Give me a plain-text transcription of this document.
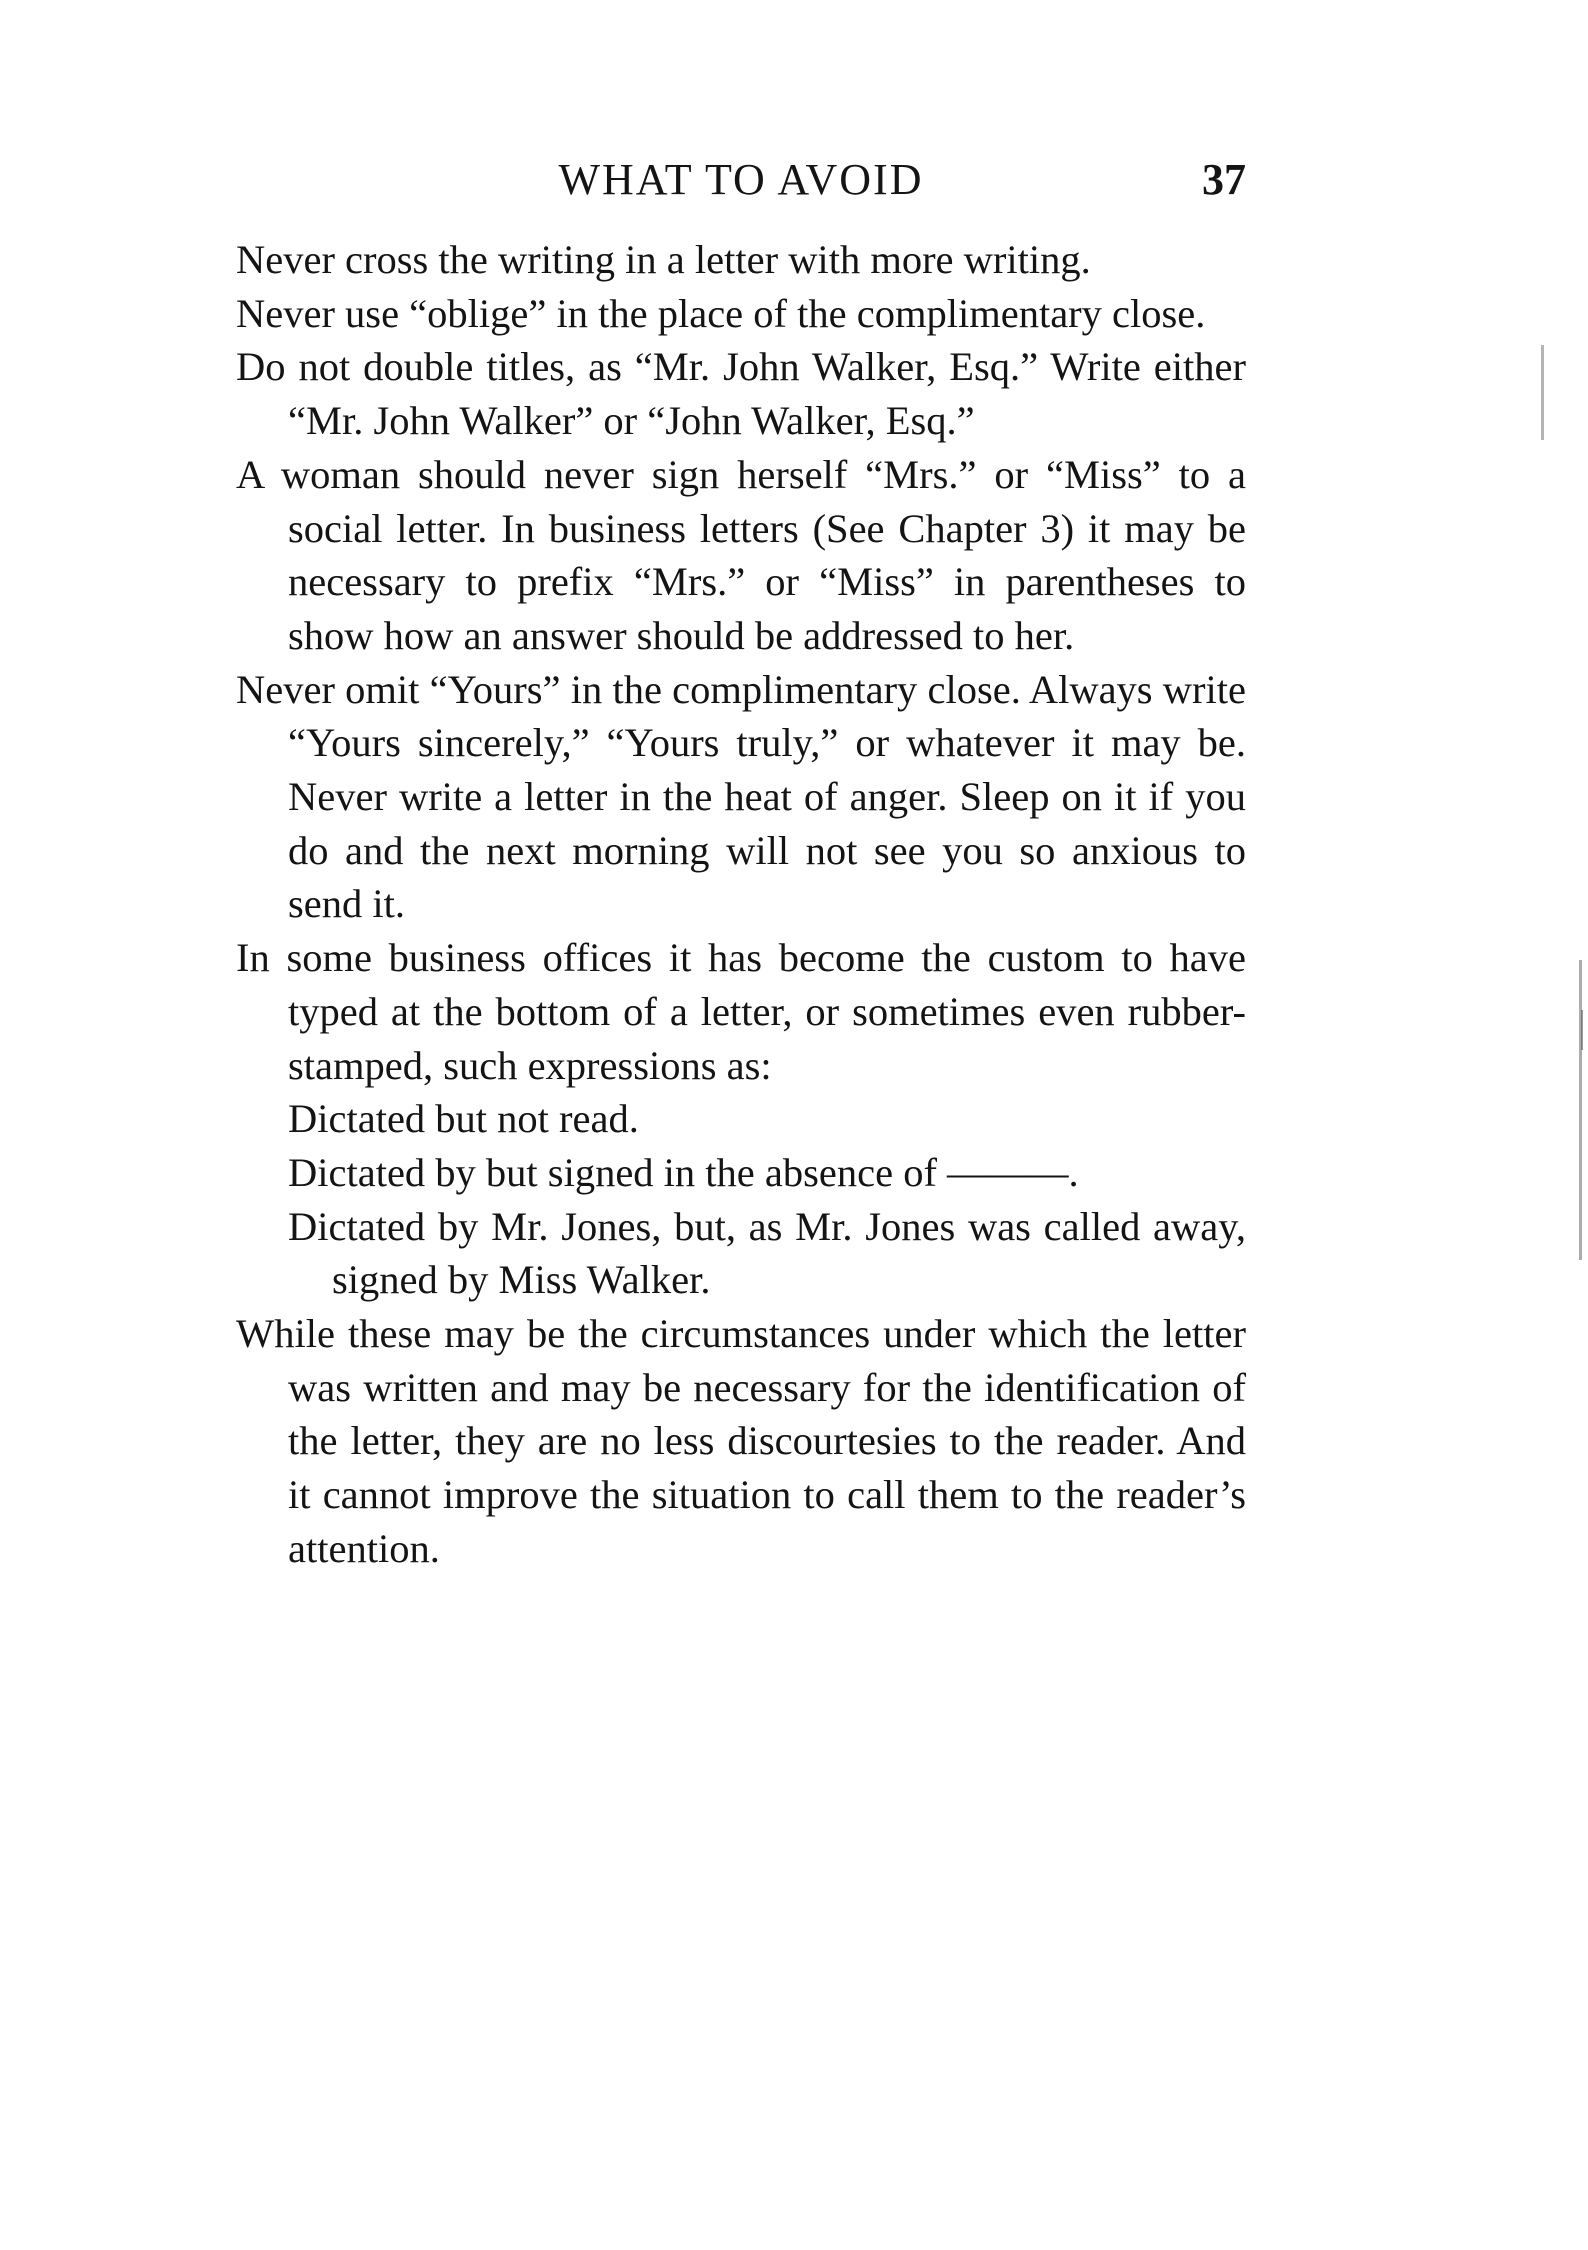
WHAT TO AVOID	37

Never cross the writing in a letter with more writing.

Never use “oblige” in the place of the complimentary close.

Do not double titles, as “Mr. John Walker, Esq.” Write either “Mr. John Walker” or “John Walker, Esq.”

A woman should never sign herself “Mrs.” or “Miss” to a social letter. In business letters (See Chapter 3) it may be necessary to prefix “Mrs.” or “Miss” in parentheses to show how an answer should be addressed to her.

Never omit “Yours” in the complimentary close. Always write “Yours sincerely,” “Yours truly,” or whatever it may be. Never write a letter in the heat of anger. Sleep on it if you do and the next morning will not see you so anxious to send it.

In some business offices it has become the custom to have typed at the bottom of a letter, or sometimes even rubber-stamped, such expressions as:

Dictated but not read.

Dictated by but signed in the absence of ———.

Dictated by Mr. Jones, but, as Mr. Jones was called away, signed by Miss Walker.

While these may be the circumstances under which the letter was written and may be necessary for the identification of the letter, they are no less discourtesies to the reader. And it cannot improve the situation to call them to the reader’s attention.
